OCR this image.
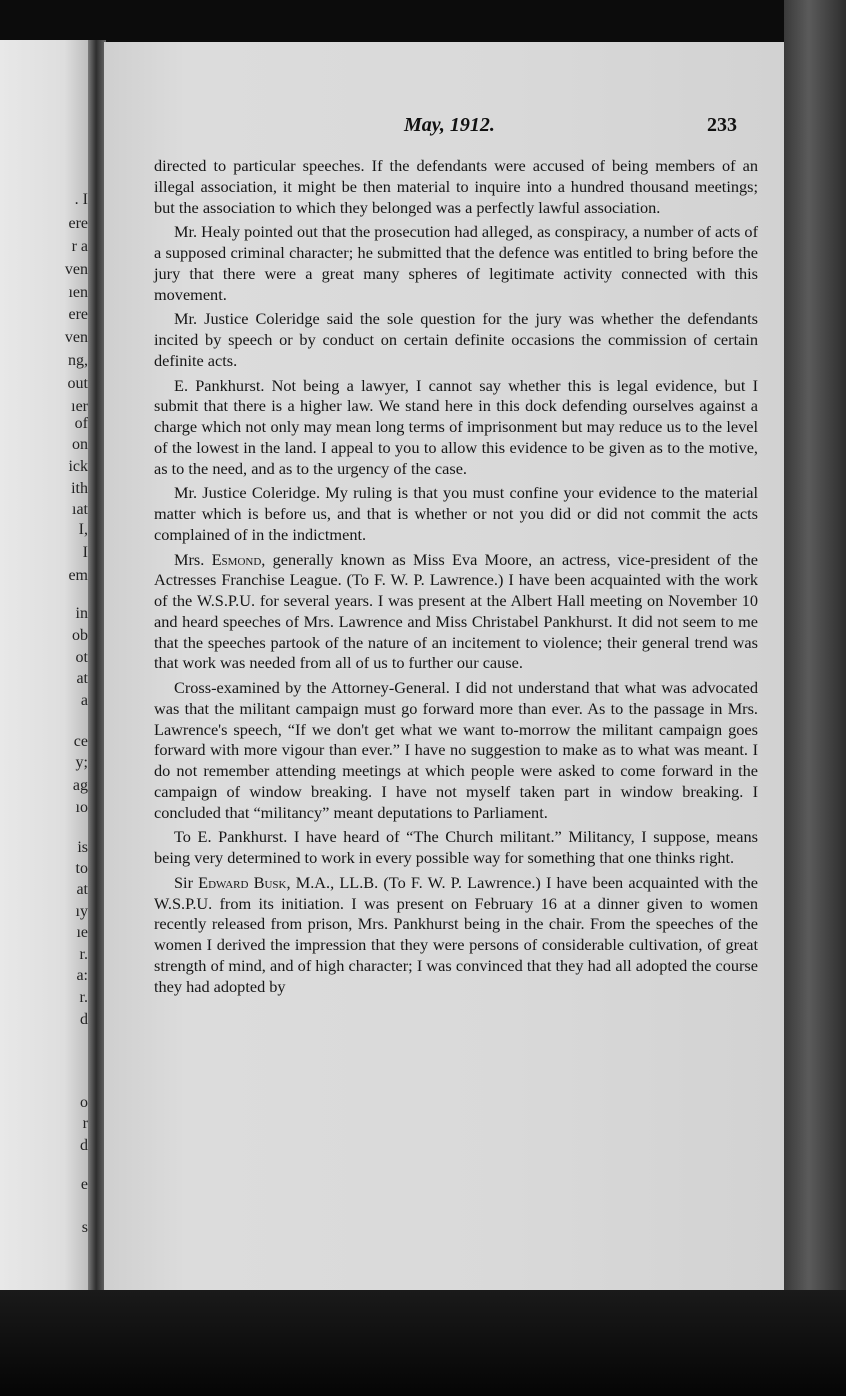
. I
ere
r a
ven
ıen
ere
ven
ng,
out
ıer
of
on
ick
ith
ıat
I,
I
em
in
ob
ot
at
a
ce
y;
ag
ıo
is
to
at
ıy
ıe
r.
a:
r.
d
o
r
d
e
s
May, 1912.	233

directed to particular speeches. If the defendants were accused of being members of an illegal association, it might be then material to inquire into a hundred thousand meetings; but the association to which they belonged was a perfectly lawful association.

Mr. Healy pointed out that the prosecution had alleged, as conspiracy, a number of acts of a supposed criminal character; he submitted that the defence was entitled to bring before the jury that there were a great many spheres of legitimate activity connected with this movement.

Mr. Justice Coleridge said the sole question for the jury was whether the defendants incited by speech or by conduct on certain definite occasions the commission of certain definite acts.

E. Pankhurst. Not being a lawyer, I cannot say whether this is legal evidence, but I submit that there is a higher law. We stand here in this dock defending ourselves against a charge which not only may mean long terms of imprisonment but may reduce us to the level of the lowest in the land. I appeal to you to allow this evidence to be given as to the motive, as to the need, and as to the urgency of the case.

Mr. Justice Coleridge. My ruling is that you must confine your evidence to the material matter which is before us, and that is whether or not you did or did not commit the acts complained of in the indictment.

Mrs. Esmond, generally known as Miss Eva Moore, an actress, vice-president of the Actresses Franchise League. (To F. W. P. Lawrence.) I have been acquainted with the work of the W.S.P.U. for several years. I was present at the Albert Hall meeting on November 10 and heard speeches of Mrs. Lawrence and Miss Christabel Pankhurst. It did not seem to me that the speeches partook of the nature of an incitement to violence; their general trend was that work was needed from all of us to further our cause.

Cross-examined by the Attorney-General. I did not understand that what was advocated was that the militant campaign must go forward more than ever. As to the passage in Mrs. Lawrence's speech, “If we don't get what we want to-morrow the militant campaign goes forward with more vigour than ever.” I have no suggestion to make as to what was meant. I do not remember attending meetings at which people were asked to come forward in the campaign of window breaking. I have not myself taken part in window breaking. I concluded that “militancy” meant deputations to Parliament.

To E. Pankhurst. I have heard of “The Church militant.” Militancy, I suppose, means being very determined to work in every possible way for something that one thinks right.

Sir Edward Busk, M.A., LL.B. (To F. W. P. Lawrence.) I have been acquainted with the W.S.P.U. from its initiation. I was present on February 16 at a dinner given to women recently released from prison, Mrs. Pankhurst being in the chair. From the speeches of the women I derived the impression that they were persons of considerable cultivation, of great strength of mind, and of high character; I was convinced that they had all adopted the course they had adopted by
